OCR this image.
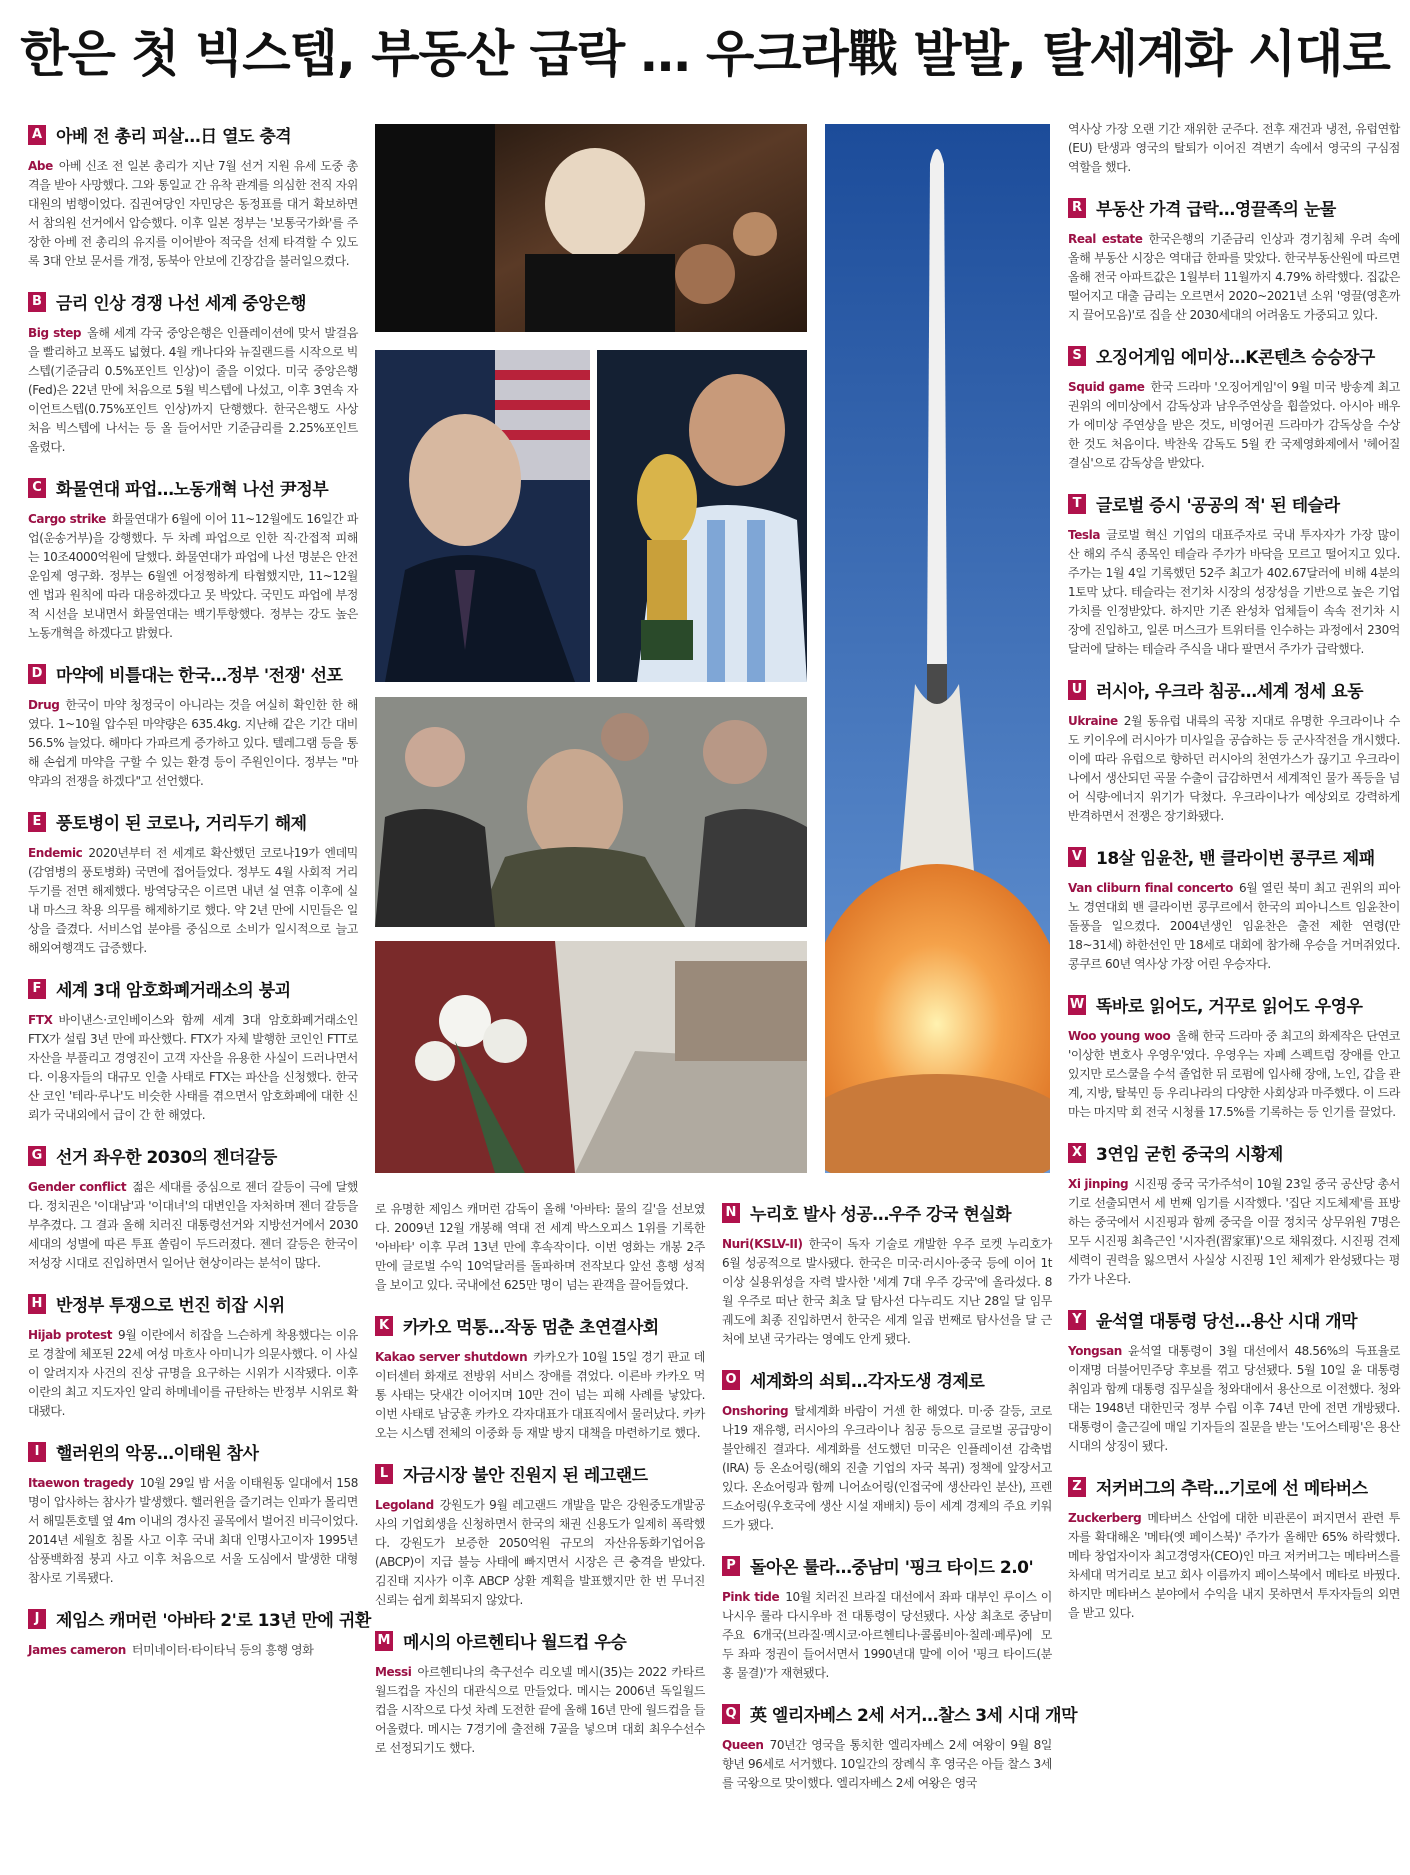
한은 첫 빅스텝, 부동산 급락 … 우크라戰 발발, 탈세계화 시대로
A 아베 전 총리 피살…日 열도 충격
Abe 아베 신조 전 일본 총리가 지난 7월 선거 지원 유세 도중 총격을 받아 사망했다. 그와 통일교 간 유착 관계를 의심한 전직 자위대원의 범행이었다. 집권여당인 자민당은 동정표를 대거 확보하면서 참의원 선거에서 압승했다. 이후 일본 정부는 '보통국가화'를 주장한 아베 전 총리의 유지를 이어받아 적국을 선제 타격할 수 있도록 3대 안보 문서를 개정, 동북아 안보에 긴장감을 불러일으켰다.
B 금리 인상 경쟁 나선 세계 중앙은행
Big step 올해 세계 각국 중앙은행은 인플레이션에 맞서 발걸음을 빨리하고 보폭도 넓혔다. 4월 캐나다와 뉴질랜드를 시작으로 빅스텝(기준금리 0.5%포인트 인상)이 줄을 이었다. 미국 중앙은행(Fed)은 22년 만에 처음으로 5월 빅스텝에 나섰고, 이후 3연속 자이언트스텝(0.75%포인트 인상)까지 단행했다. 한국은행도 사상 처음 빅스텝에 나서는 등 올 들어서만 기준금리를 2.25%포인트 올렸다.
C 화물연대 파업…노동개혁 나선 尹정부
Cargo strike 화물연대가 6월에 이어 11~12월에도 16일간 파업(운송거부)을 강행했다. 두 차례 파업으로 인한 직·간접적 피해는 10조4000억원에 달했다. 화물연대가 파업에 나선 명분은 안전운임제 영구화. 정부는 6월엔 어정쩡하게 타협했지만, 11~12월엔 법과 원칙에 따라 대응하겠다고 못 박았다. 국민도 파업에 부정적 시선을 보내면서 화물연대는 백기투항했다. 정부는 강도 높은 노동개혁을 하겠다고 밝혔다.
D 마약에 비틀대는 한국…정부 '전쟁' 선포
Drug 한국이 마약 청정국이 아니라는 것을 여실히 확인한 한 해였다. 1~10월 압수된 마약량은 635.4kg. 지난해 같은 기간 대비 56.5% 늘었다. 해마다 가파르게 증가하고 있다. 텔레그램 등을 통해 손쉽게 마약을 구할 수 있는 환경 등이 주원인이다. 정부는 "마약과의 전쟁을 하겠다"고 선언했다.
E 풍토병이 된 코로나, 거리두기 해제
Endemic 2020년부터 전 세계로 확산했던 코로나19가 엔데믹(감염병의 풍토병화) 국면에 접어들었다. 정부도 4월 사회적 거리두기를 전면 해제했다. 방역당국은 이르면 내년 설 연휴 이후에 실내 마스크 착용 의무를 해제하기로 했다. 약 2년 만에 시민들은 일상을 즐겼다. 서비스업 분야를 중심으로 소비가 일시적으로 늘고 해외여행객도 급증했다.
F 세계 3대 암호화폐거래소의 붕괴
FTX 바이낸스·코인베이스와 함께 세계 3대 암호화폐거래소인 FTX가 설립 3년 만에 파산했다. FTX가 자체 발행한 코인인 FTT로 자산을 부풀리고 경영진이 고객 자산을 유용한 사실이 드러나면서다. 이용자들의 대규모 인출 사태로 FTX는 파산을 신청했다. 한국산 코인 '테라·루나'도 비슷한 사태를 겪으면서 암호화폐에 대한 신뢰가 국내외에서 급이 간 한 해였다.
G 선거 좌우한 2030의 젠더갈등
Gender conflict 젊은 세대를 중심으로 젠더 갈등이 극에 달했다. 정치권은 '이대남'과 '이대녀'의 대변인을 자처하며 젠더 갈등을 부추겼다. 그 결과 올해 치러진 대통령선거와 지방선거에서 2030세대의 성별에 따른 투표 쏠림이 두드러졌다. 젠더 갈등은 한국이 저성장 시대로 진입하면서 일어난 현상이라는 분석이 많다.
H 반정부 투쟁으로 번진 히잡 시위
Hijab protest 9월 이란에서 히잡을 느슨하게 착용했다는 이유로 경찰에 체포된 22세 여성 마흐사 아미니가 의문사했다. 이 사실이 알려지자 사건의 진상 규명을 요구하는 시위가 시작됐다. 이후 이란의 최고 지도자인 알리 하메네이를 규탄하는 반정부 시위로 확대됐다.
I 핼러윈의 악몽…이태원 참사
Itaewon tragedy 10월 29일 밤 서울 이태원동 일대에서 158명이 압사하는 참사가 발생했다. 핼러윈을 즐기려는 인파가 몰리면서 해밀톤호텔 옆 4m 이내의 경사진 골목에서 벌어진 비극이었다. 2014년 세월호 침몰 사고 이후 국내 최대 인명사고이자 1995년 삼풍백화점 붕괴 사고 이후 처음으로 서울 도심에서 발생한 대형 참사로 기록됐다.
J 제임스 캐머런 '아바타 2'로 13년 만에 귀환
James cameron 터미네이터·타이타닉 등의 흥행 영화
로 유명한 제임스 캐머런 감독이 올해 '아바타: 물의 길'을 선보였다. 2009년 12월 개봉해 역대 전 세계 박스오피스 1위를 기록한 '아바타' 이후 무려 13년 만에 후속작이다. 이번 영화는 개봉 2주 만에 글로벌 수익 10억달러를 돌파하며 전작보다 앞선 흥행 성적을 보이고 있다. 국내에선 625만 명이 넘는 관객을 끌어들였다.
K 카카오 먹통…작동 멈춘 초연결사회
Kakao server shutdown 카카오가 10월 15일 경기 판교 데이터센터 화재로 전방위 서비스 장애를 겪었다. 이른바 카카오 먹통 사태는 닷새간 이어지며 10만 건이 넘는 피해 사례를 낳았다. 이번 사태로 남궁훈 카카오 각자대표가 대표직에서 물러났다. 카카오는 시스템 전체의 이중화 등 재발 방지 대책을 마련하기로 했다.
L 자금시장 불안 진원지 된 레고랜드
Legoland 강원도가 9월 레고랜드 개발을 맡은 강원중도개발공사의 기업회생을 신청하면서 한국의 채권 신용도가 일제히 폭락했다. 강원도가 보증한 2050억원 규모의 자산유동화기업어음(ABCP)이 지급 불능 사태에 빠지면서 시장은 큰 충격을 받았다. 김진태 지사가 이후 ABCP 상환 계획을 발표했지만 한 번 무너진 신뢰는 쉽게 회복되지 않았다.
M 메시의 아르헨티나 월드컵 우승
Messi 아르헨티나의 축구선수 리오넬 메시(35)는 2022 카타르월드컵을 자신의 대관식으로 만들었다. 메시는 2006년 독일월드컵을 시작으로 다섯 차례 도전한 끝에 올해 16년 만에 월드컵을 들어올렸다. 메시는 7경기에 출전해 7골을 넣으며 대회 최우수선수로 선정되기도 했다.
N 누리호 발사 성공…우주 강국 현실화
Nuri(KSLV-II) 한국이 독자 기술로 개발한 우주 로켓 누리호가 6월 성공적으로 발사됐다. 한국은 미국·러시아·중국 등에 이어 1t 이상 실용위성을 자력 발사한 '세계 7대 우주 강국'에 올라섰다. 8월 우주로 떠난 한국 최초 달 탐사선 다누리도 지난 28일 달 임무 궤도에 최종 진입하면서 한국은 세계 일곱 번째로 탐사선을 달 근처에 보낸 국가라는 영예도 안게 됐다.
O 세계화의 쇠퇴…각자도생 경제로
Onshoring 탈세계화 바람이 거센 한 해였다. 미·중 갈등, 코로나19 재유행, 러시아의 우크라이나 침공 등으로 글로벌 공급망이 불안해진 결과다. 세계화를 선도했던 미국은 인플레이션 감축법(IRA) 등 온쇼어링(해외 진출 기업의 자국 복귀) 정책에 앞장서고 있다. 온쇼어링과 함께 니어쇼어링(인접국에 생산라인 분산), 프렌드쇼어링(우호국에 생산 시설 재배치) 등이 세계 경제의 주요 키워드가 됐다.
P 돌아온 룰라…중남미 '핑크 타이드 2.0'
Pink tide 10월 치러진 브라질 대선에서 좌파 대부인 루이스 이나시우 룰라 다시우바 전 대통령이 당선됐다. 사상 최초로 중남미 주요 6개국(브라질·멕시코·아르헨티나·콜롬비아·칠레·페루)에 모두 좌파 정권이 들어서면서 1990년대 말에 이어 '핑크 타이드(분홍 물결)'가 재현됐다.
Q 英 엘리자베스 2세 서거…찰스 3세 시대 개막
Queen 70년간 영국을 통치한 엘리자베스 2세 여왕이 9월 8일 향년 96세로 서거했다. 10일간의 장례식 후 영국은 아들 찰스 3세를 국왕으로 맞이했다. 엘리자베스 2세 여왕은 영국
역사상 가장 오랜 기간 재위한 군주다. 전후 재건과 냉전, 유럽연합(EU) 탄생과 영국의 탈퇴가 이어진 격변기 속에서 영국의 구심점 역할을 했다.
R 부동산 가격 급락…영끌족의 눈물
Real estate 한국은행의 기준금리 인상과 경기침체 우려 속에 올해 부동산 시장은 역대급 한파를 맞았다. 한국부동산원에 따르면 올해 전국 아파트값은 1월부터 11월까지 4.79% 하락했다. 집값은 떨어지고 대출 금리는 오르면서 2020~2021년 소위 '영끌(영혼까지 끌어모음)'로 집을 산 2030세대의 어려움도 가중되고 있다.
S 오징어게임 에미상…K콘텐츠 승승장구
Squid game 한국 드라마 '오징어게임'이 9월 미국 방송계 최고 권위의 에미상에서 감독상과 남우주연상을 휩쓸었다. 아시아 배우가 에미상 주연상을 받은 것도, 비영어권 드라마가 감독상을 수상한 것도 처음이다. 박찬욱 감독도 5월 칸 국제영화제에서 '헤어질 결심'으로 감독상을 받았다.
T 글로벌 증시 '공공의 적' 된 테슬라
Tesla 글로벌 혁신 기업의 대표주자로 국내 투자자가 가장 많이 산 해외 주식 종목인 테슬라 주가가 바닥을 모르고 떨어지고 있다. 주가는 1월 4일 기록했던 52주 최고가 402.67달러에 비해 4분의 1토막 났다. 테슬라는 전기차 시장의 성장성을 기반으로 높은 기업가치를 인정받았다. 하지만 기존 완성차 업체들이 속속 전기차 시장에 진입하고, 일론 머스크가 트위터를 인수하는 과정에서 230억달러에 달하는 테슬라 주식을 내다 팔면서 주가가 급락했다.
U 러시아, 우크라 침공…세계 정세 요동
Ukraine 2월 동유럽 내륙의 곡창 지대로 유명한 우크라이나 수도 키이우에 러시아가 미사일을 공습하는 등 군사작전을 개시했다. 이에 따라 유럽으로 향하던 러시아의 천연가스가 끊기고 우크라이나에서 생산되던 곡물 수출이 급감하면서 세계적인 물가 폭등을 넘어 식량·에너지 위기가 닥쳤다. 우크라이나가 예상외로 강력하게 반격하면서 전쟁은 장기화됐다.
V 18살 임윤찬, 밴 클라이번 콩쿠르 제패
Van cliburn final concerto 6월 열린 북미 최고 권위의 피아노 경연대회 밴 클라이번 콩쿠르에서 한국의 피아니스트 임윤찬이 돌풍을 일으켰다. 2004년생인 임윤찬은 출전 제한 연령(만 18~31세) 하한선인 만 18세로 대회에 참가해 우승을 거머쥐었다. 콩쿠르 60년 역사상 가장 어린 우승자다.
W 똑바로 읽어도, 거꾸로 읽어도 우영우
Woo young woo 올해 한국 드라마 중 최고의 화제작은 단연코 '이상한 변호사 우영우'였다. 우영우는 자폐 스펙트럼 장애를 안고 있지만 로스쿨을 수석 졸업한 뒤 로펌에 입사해 장애, 노인, 갑을 관계, 지방, 탈북민 등 우리나라의 다양한 사회상과 마주했다. 이 드라마는 마지막 회 전국 시청률 17.5%를 기록하는 등 인기를 끌었다.
X 3연임 굳힌 중국의 시황제
Xi jinping 시진핑 중국 국가주석이 10월 23일 중국 공산당 총서기로 선출되면서 세 번째 임기를 시작했다. '집단 지도체제'를 표방하는 중국에서 시진핑과 함께 중국을 이끌 정치국 상무위원 7명은 모두 시진핑 최측근인 '시자쥔(習家軍)'으로 채워졌다. 시진핑 견제 세력이 권력을 잃으면서 사실상 시진핑 1인 체제가 완성됐다는 평가가 나온다.
Y 윤석열 대통령 당선…용산 시대 개막
Yongsan 윤석열 대통령이 3월 대선에서 48.56%의 득표율로 이재명 더불어민주당 후보를 꺾고 당선됐다. 5월 10일 윤 대통령 취임과 함께 대통령 집무실을 청와대에서 용산으로 이전했다. 청와대는 1948년 대한민국 정부 수립 이후 74년 만에 전면 개방됐다. 대통령이 출근길에 매일 기자들의 질문을 받는 '도어스테핑'은 용산 시대의 상징이 됐다.
Z 저커버그의 추락…기로에 선 메타버스
Zuckerberg 메타버스 산업에 대한 비관론이 퍼지면서 관련 투자를 확대해온 '메타(옛 페이스북)' 주가가 올해만 65% 하락했다. 메타 창업자이자 최고경영자(CEO)인 마크 저커버그는 메타버스를 차세대 먹거리로 보고 회사 이름까지 페이스북에서 메타로 바꿨다. 하지만 메타버스 분야에서 수익을 내지 못하면서 투자자들의 외면을 받고 있다.
